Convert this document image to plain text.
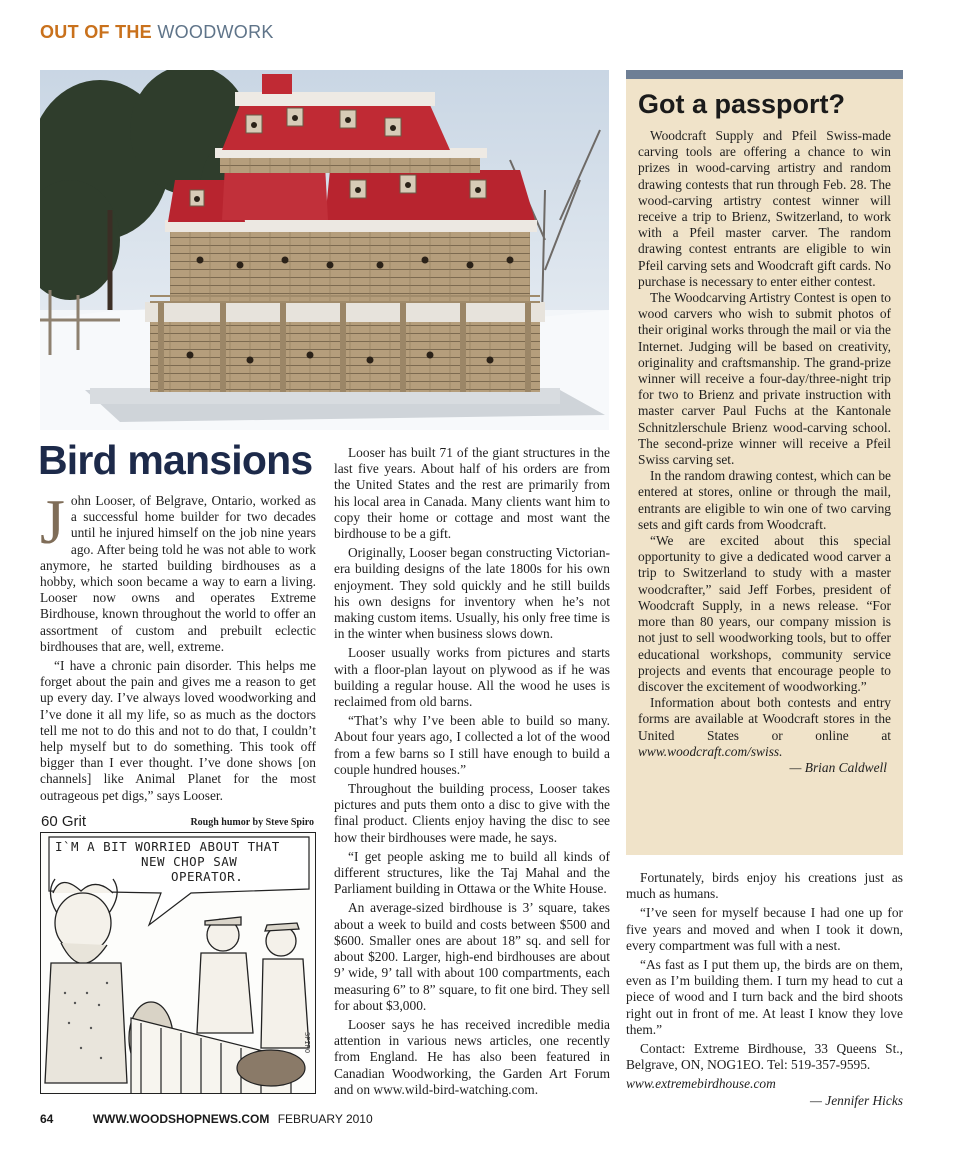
OUT OF THE WOODWORK
Bird mansions

John Looser, of Belgrave, Ontario, worked as a successful home builder for two decades until he injured himself on the job nine years ago. After being told he was not able to work anymore, he started building birdhouses as a hobby, which soon became a way to earn a living. Looser now owns and operates Extreme Birdhouse, known throughout the world to offer an assortment of custom and prebuilt eclectic birdhouses that are, well, extreme.

“I have a chronic pain disorder. This helps me forget about the pain and gives me a reason to get up every day. I’ve always loved woodworking and I’ve done it all my life, so as much as the doctors tell me not to do this and not to do that, I couldn’t help myself but to do something. This took off bigger than I ever thought. I’ve done shows [on channels] like Animal Planet for the most outrageous pet digs,” says Looser.

60 Grit	Rough humor by Steve Spiro
I`M A BIT WORRIED ABOUT THAT
NEW CHOP SAW
OPERATOR.
SPIRO

Looser has built 71 of the giant structures in the last five years. About half of his orders are from the United States and the rest are primarily from his local area in Canada. Many clients want him to copy their home or cottage and most want the birdhouse to be a gift.

Originally, Looser began constructing Victorian-era building designs of the late 1800s for his own enjoyment. They sold quickly and he still builds his own designs for inventory when he’s not making custom items. Usually, his only free time is in the winter when business slows down.

Looser usually works from pictures and starts with a floor-plan layout on plywood as if he was building a regular house. All the wood he uses is reclaimed from old barns.

“That’s why I’ve been able to build so many. About four years ago, I collected a lot of the wood from a few barns so I still have enough to build a couple hundred houses.”

Throughout the building process, Looser takes pictures and puts them onto a disc to give with the final product. Clients enjoy having the disc to see how their birdhouses were made, he says.

“I get people asking me to build all kinds of different structures, like the Taj Mahal and the Parliament building in Ottawa or the White House.

An average-sized birdhouse is 3’ square, takes about a week to build and costs between $500 and $600. Smaller ones are about 18” sq. and sell for about $200. Larger, high-end birdhouses are about 9’ wide, 9’ tall with about 100 compartments, each measuring 6” to 8” square, to fit one bird. They sell for about $3,000.

Looser says he has received incredible media attention in various news articles, one recently from England. He has also been featured in Canadian Woodworking, the Garden Art Forum and on www.wild-bird-watching.com.

Got a passport?

Woodcraft Supply and Pfeil Swiss-made carving tools are offering a chance to win prizes in wood-carving artistry and random drawing contests that run through Feb. 28. The wood-carving artistry contest winner will receive a trip to Brienz, Switzerland, to work with a Pfeil master carver. The random drawing contest entrants are eligible to win Pfeil carving sets and Woodcraft gift cards. No purchase is necessary to enter either contest.

The Woodcarving Artistry Contest is open to wood carvers who wish to submit photos of their original works through the mail or via the Internet. Judging will be based on creativity, originality and craftsmanship. The grand-prize winner will receive a four-day/three-night trip for two to Brienz and private instruction with master carver Paul Fuchs at the Kantonale Schnitzlerschule Brienz wood-carving school. The second-prize winner will receive a Pfeil Swiss carving set.

In the random drawing contest, which can be entered at stores, online or through the mail, entrants are eligible to win one of two carving sets and gift cards from Woodcraft.

“We are excited about this special opportunity to give a dedicated wood carver a trip to Switzerland to study with a master woodcrafter,” said Jeff Forbes, president of Woodcraft Supply, in a news release. “For more than 80 years, our company mission is not just to sell woodworking tools, but to offer educational workshops, community service projects and events that encourage people to discover the excitement of woodworking.”

Information about both contests and entry forms are available at Woodcraft stores in the United States or online at www.woodcraft.com/swiss.

— Brian Caldwell

Fortunately, birds enjoy his creations just as much as humans.

“I’ve seen for myself because I had one up for five years and moved and when I took it down, every compartment was full with a nest.

“As fast as I put them up, the birds are on them, even as I’m building them. I turn my head to cut a piece of wood and I turn back and the bird shoots right out in front of me. At least I know they love them.”

Contact: Extreme Birdhouse, 33 Queens St., Belgrave, ON, NOG1EO. Tel: 519-357-9595.

www.extremebirdhouse.com
— Jennifer Hicks
64	WWW.WOODSHOPNEWS.COM FEBRUARY 2010
